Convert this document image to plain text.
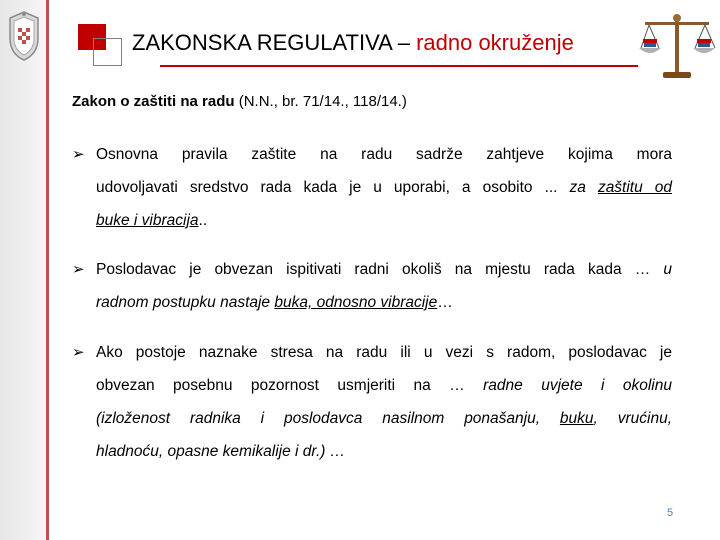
ZAKONSKA REGULATIVA – radno okruženje
Zakon o zaštiti na radu (N.N., br. 71/14., 118/14.)
➢ Osnovna pravila zaštite na radu sadrže zahtjeve kojima mora
udovoljavati sredstvo rada kada je u uporabi, a osobito ... za zaštitu od
buke i vibracija..
➢ Poslodavac je obvezan ispitivati radni okoliš na mjestu rada kada … u
radnom postupku nastaje buka, odnosno vibracije…
➢ Ako postoje naznake stresa na radu ili u vezi s radom, poslodavac je
obvezan posebnu pozornost usmjeriti na … radne uvjete i okolinu
(izloženost radnika i poslodavca nasilnom ponašanju, buku, vrućinu,
hladnoću, opasne kemikalije i dr.) …
5
